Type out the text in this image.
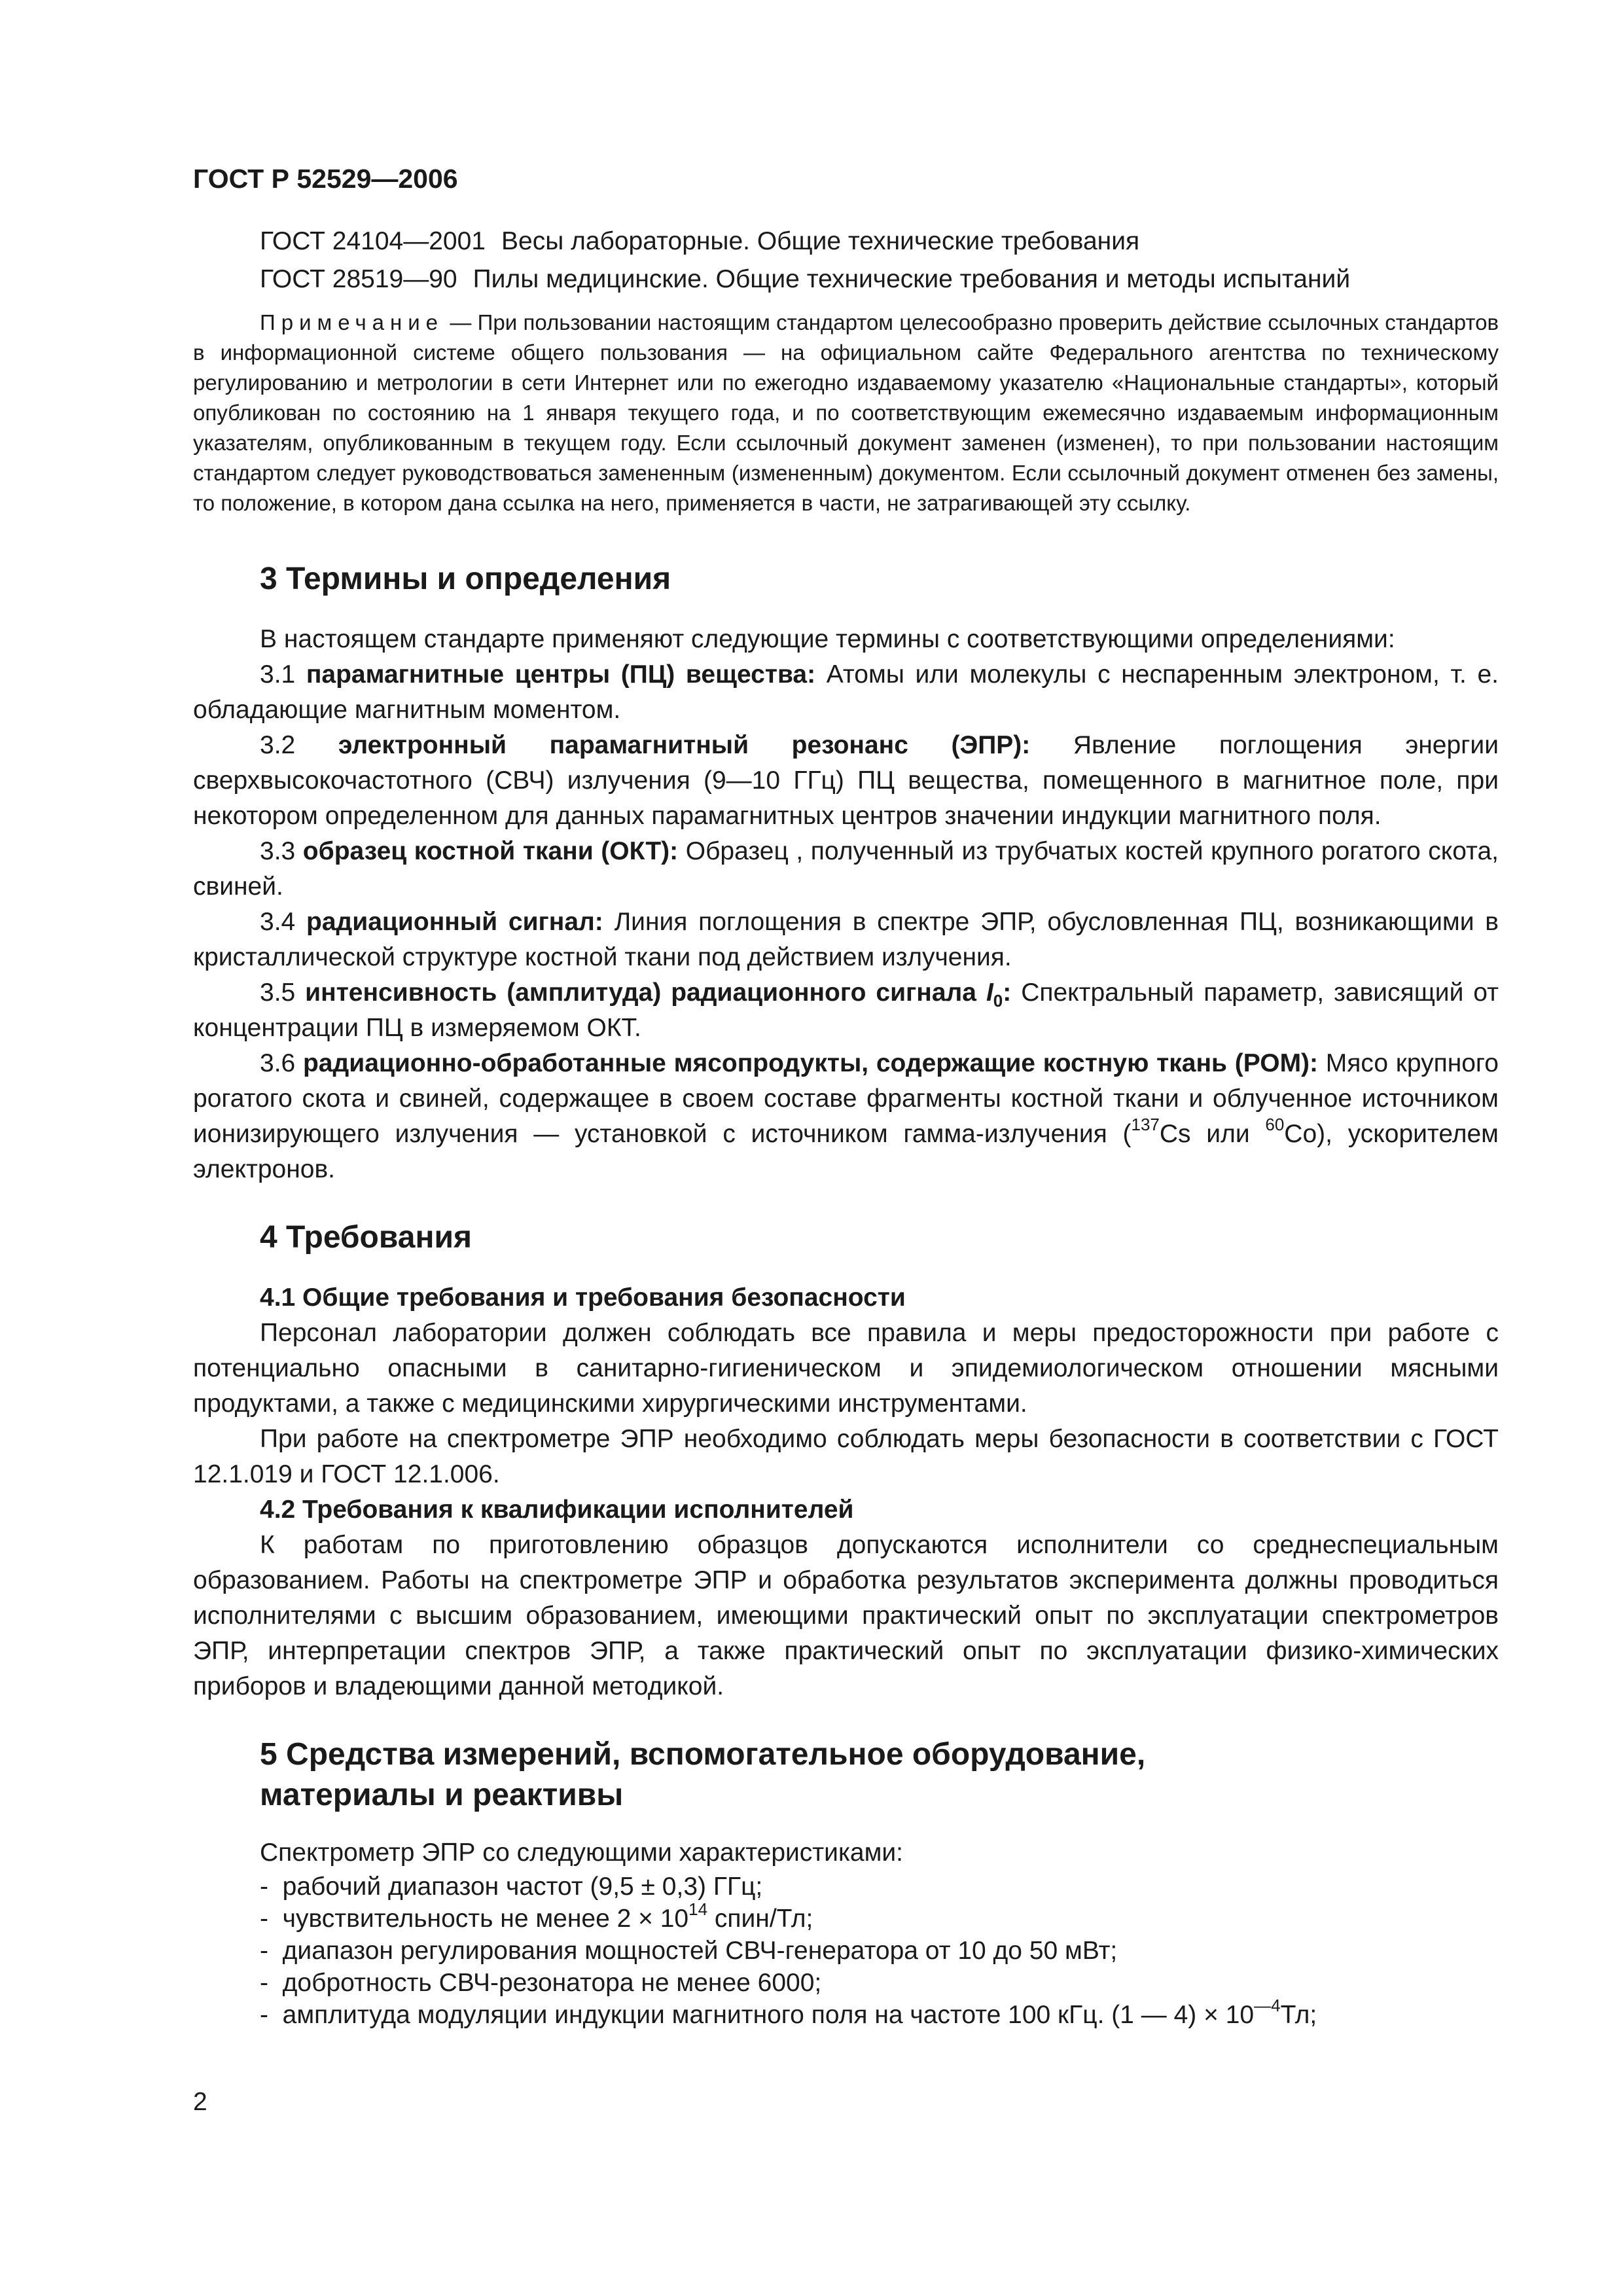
ГОСТ Р 52529—2006
ГОСТ 24104—2001 Весы лабораторные. Общие технические требования
ГОСТ 28519—90 Пилы медицинские. Общие технические требования и методы испытаний
Примечание — При пользовании настоящим стандартом целесообразно проверить действие ссылочных стандартов в информационной системе общего пользования — на официальном сайте Федерального агентства по техническому регулированию и метрологии в сети Интернет или по ежегодно издаваемому указателю «Национальные стандарты», который опубликован по состоянию на 1 января текущего года, и по соответствующим ежемесячно издаваемым информационным указателям, опубликованным в текущем году. Если ссылочный документ заменен (изменен), то при пользовании настоящим стандартом следует руководствоваться замененным (измененным) документом. Если ссылочный документ отменен без замены, то положение, в котором дана ссылка на него, применяется в части, не затрагивающей эту ссылку.
3 Термины и определения

В настоящем стандарте применяют следующие термины с соответствующими определениями:

3.1 парамагнитные центры (ПЦ) вещества: Атомы или молекулы с неспаренным электроном, т. е. обладающие магнитным моментом.

3.2 электронный парамагнитный резонанс (ЭПР): Явление поглощения энергии сверхвысокочастотного (СВЧ) излучения (9—10 ГГц) ПЦ вещества, помещенного в магнитное поле, при некотором определенном для данных парамагнитных центров значении индукции магнитного поля.

3.3 образец костной ткани (ОКТ): Образец , полученный из трубчатых костей крупного рогатого скота, свиней.

3.4 радиационный сигнал: Линия поглощения в спектре ЭПР, обусловленная ПЦ, возникающими в кристаллической структуре костной ткани под действием излучения.

3.5 интенсивность (амплитуда) радиационного сигнала $I_0$: Спектральный параметр, зависящий от концентрации ПЦ в измеряемом ОКТ.

3.6 радиационно-обработанные мясопродукты, содержащие костную ткань (РОМ): Мясо крупного рогатого скота и свиней, содержащее в своем составе фрагменты костной ткани и облученное источником ионизирующего излучения — установкой с источником гамма-излучения ($^{137}$Cs или $^{60}$Co), ускорителем электронов.

4 Требования
4.1 Общие требования и требования безопасности

Персонал лаборатории должен соблюдать все правила и меры предосторожности при работе с потенциально опасными в санитарно-гигиеническом и эпидемиологическом отношении мясными продуктами, а также с медицинскими хирургическими инструментами.

При работе на спектрометре ЭПР необходимо соблюдать меры безопасности в соответствии с ГОСТ 12.1.019 и ГОСТ 12.1.006.

4.2 Требования к квалификации исполнителей

К работам по приготовлению образцов допускаются исполнители со среднеспециальным образованием. Работы на спектрометре ЭПР и обработка результатов эксперимента должны проводиться исполнителями с высшим образованием, имеющими практический опыт по эксплуатации спектрометров ЭПР, интерпретации спектров ЭПР, а также практический опыт по эксплуатации физико-химических приборов и владеющими данной методикой.

5 Средства измерений, вспомогательное оборудование,
материалы и реактивы

Спектрометр ЭПР со следующими характеристиками:

- рабочий диапазон частот (9,5 ± 0,3) ГГц;
- чувствительность не менее $2 \times 10^{14}$ спин/Тл;
- диапазон регулирования мощностей СВЧ-генератора от 10 до 50 мВт;
- добротность СВЧ-резонатора не менее 6000;
- амплитуда модуляции индукции магнитного поля на частоте 100 кГц. (1 — $4) \times 10^{—4}Тл$;
2
